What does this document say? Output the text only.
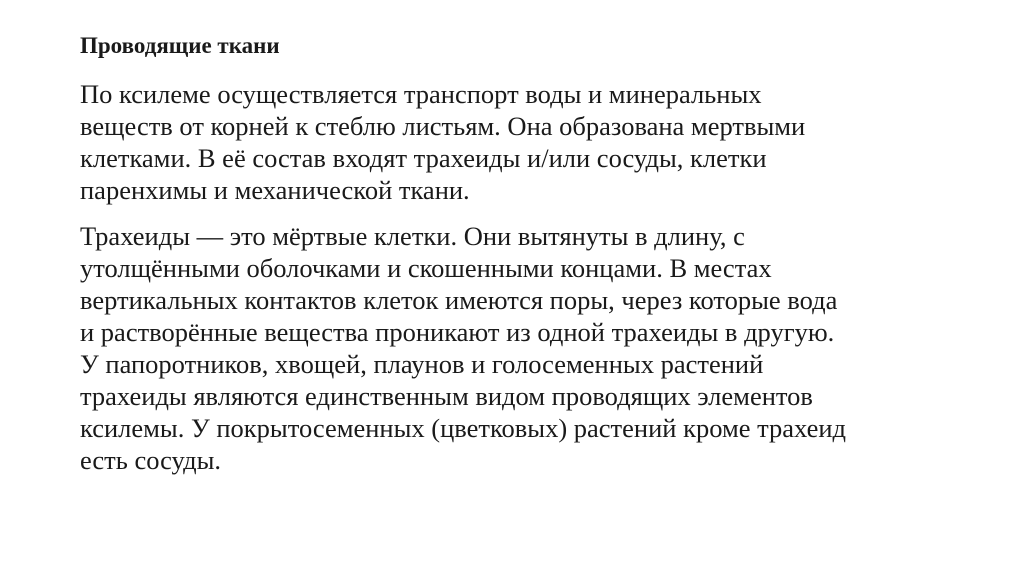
Проводящие ткани

По ксилеме осуществляется транспорт воды и минеральных
веществ от корней к стеблю листьям. Она образована мертвыми
клетками. В её состав входят трахеиды и/или сосуды, клетки
паренхимы и механической ткани.

Трахеиды — это мёртвые клетки. Они вытянуты в длину, с
утолщёнными оболочками и скошенными концами. В местах
вертикальных контактов клеток имеются поры, через которые вода
и растворённые вещества проникают из одной трахеиды в другую.
У папоротников, хвощей, плаунов и голосеменных растений
трахеиды являются единственным видом проводящих элементов
ксилемы. У покрытосеменных (цветковых) растений кроме трахеид
есть сосуды.
